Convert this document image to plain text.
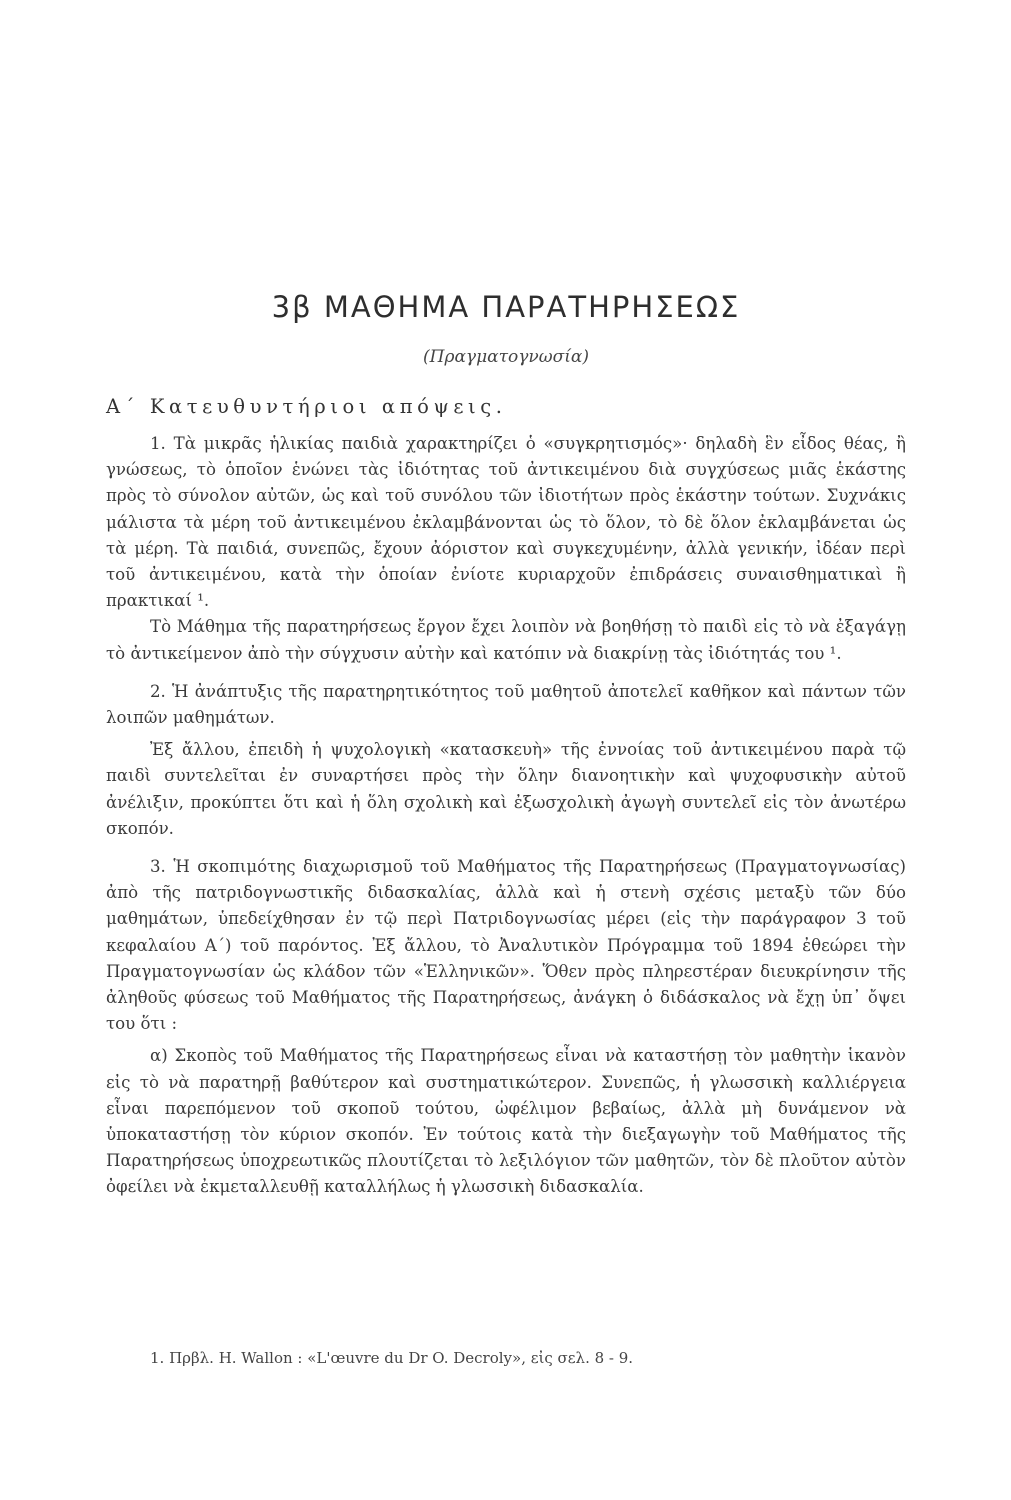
3β ΜΑΘΗΜΑ ΠΑΡΑΤΗΡΗΣΕΩΣ
(Πραγματογνωσία)
Α΄ Κατευθυντήριοι απόψεις.

1. Τὰ μικρᾶς ἡλικίας παιδιὰ χαρακτηρίζει ὁ «συγκρητισμός»· δηλαδὴ ἓν εἶδος θέας, ἢ γνώσεως, τὸ ὁποῖον ἑνώνει τὰς ἰδιότητας τοῦ ἀντικειμένου διὰ συγχύσεως μιᾶς ἑκάστης πρὸς τὸ σύνολον αὐτῶν, ὡς καὶ τοῦ συνόλου τῶν ἰδιοτήτων πρὸς ἑκάστην τούτων. Συχνάκις μάλιστα τὰ μέρη τοῦ ἀντικειμένου ἐκλαμβάνονται ὡς τὸ ὅλον, τὸ δὲ ὅλον ἐκλαμβάνεται ὡς τὰ μέρη. Τὰ παιδιά, συνεπῶς, ἔχουν ἀόριστον καὶ συγκεχυμένην, ἀλλὰ γενικήν, ἰδέαν περὶ τοῦ ἀντικειμένου, κατὰ τὴν ὁποίαν ἐνίοτε κυριαρχοῦν ἐπιδράσεις συναισθηματικαὶ ἢ πρακτικαί ¹.

Τὸ Μάθημα τῆς παρατηρήσεως ἔργον ἔχει λοιπὸν νὰ βοηθήσῃ τὸ παιδὶ εἰς τὸ νὰ ἐξαγάγῃ τὸ ἀντικείμενον ἀπὸ τὴν σύγχυσιν αὐτὴν καὶ κατόπιν νὰ διακρίνῃ τὰς ἰδιότητάς του ¹.

2. Ἡ ἀνάπτυξις τῆς παρατηρητικότητος τοῦ μαθητοῦ ἀποτελεῖ καθῆκον καὶ πάντων τῶν λοιπῶν μαθημάτων.

Ἐξ ἄλλου, ἐπειδὴ ἡ ψυχολογικὴ «κατασκευὴ» τῆς ἐννοίας τοῦ ἀντικειμένου παρὰ τῷ παιδὶ συντελεῖται ἐν συναρτήσει πρὸς τὴν ὅλην διανοητικὴν καὶ ψυχοφυσικὴν αὐτοῦ ἀνέλιξιν, προκύπτει ὅτι καὶ ἡ ὅλη σχολικὴ καὶ ἐξωσχολικὴ ἀγωγὴ συντελεῖ εἰς τὸν ἀνωτέρω σκοπόν.

3. Ἡ σκοπιμότης διαχωρισμοῦ τοῦ Μαθήματος τῆς Παρατηρήσεως (Πραγματογνωσίας) ἀπὸ τῆς πατριδογνωστικῆς διδασκαλίας, ἀλλὰ καὶ ἡ στενὴ σχέσις μεταξὺ τῶν δύο μαθημάτων, ὑπεδείχθησαν ἐν τῷ περὶ Πατριδογνωσίας μέρει (εἰς τὴν παράγραφον 3 τοῦ κεφαλαίου Α΄) τοῦ παρόντος. Ἐξ ἄλλου, τὸ Ἀναλυτικὸν Πρόγραμμα τοῦ 1894 ἐθεώρει τὴν Πραγματογνωσίαν ὡς κλάδον τῶν «Ἑλληνικῶν». Ὅθεν πρὸς πληρεστέραν διευκρίνησιν τῆς ἀληθοῦς φύσεως τοῦ Μαθήματος τῆς Παρατηρήσεως, ἀνάγκη ὁ διδάσκαλος νὰ ἔχῃ ὑπ᾽ ὄψει του ὅτι :

α) Σκοπὸς τοῦ Μαθήματος τῆς Παρατηρήσεως εἶναι νὰ καταστήσῃ τὸν μαθητὴν ἱκανὸν εἰς τὸ νὰ παρατηρῇ βαθύτερον καὶ συστηματικώτερον. Συνεπῶς, ἡ γλωσσικὴ καλλιέργεια εἶναι παρεπόμενον τοῦ σκοποῦ τούτου, ὠφέλιμον βεβαίως, ἀλλὰ μὴ δυνάμενον νὰ ὑποκαταστήσῃ τὸν κύριον σκοπόν. Ἐν τούτοις κατὰ τὴν διεξαγωγὴν τοῦ Μαθήματος τῆς Παρατηρήσεως ὑποχρεωτικῶς πλουτίζεται τὸ λεξιλόγιον τῶν μαθητῶν, τὸν δὲ πλοῦτον αὐτὸν ὀφείλει νὰ ἐκμεταλλευθῇ καταλλήλως ἡ γλωσσικὴ διδασκαλία.

1. Πρβλ. H. Wallon : «L'œuvre du Dr O. Decroly», εἰς σελ. 8 - 9.
